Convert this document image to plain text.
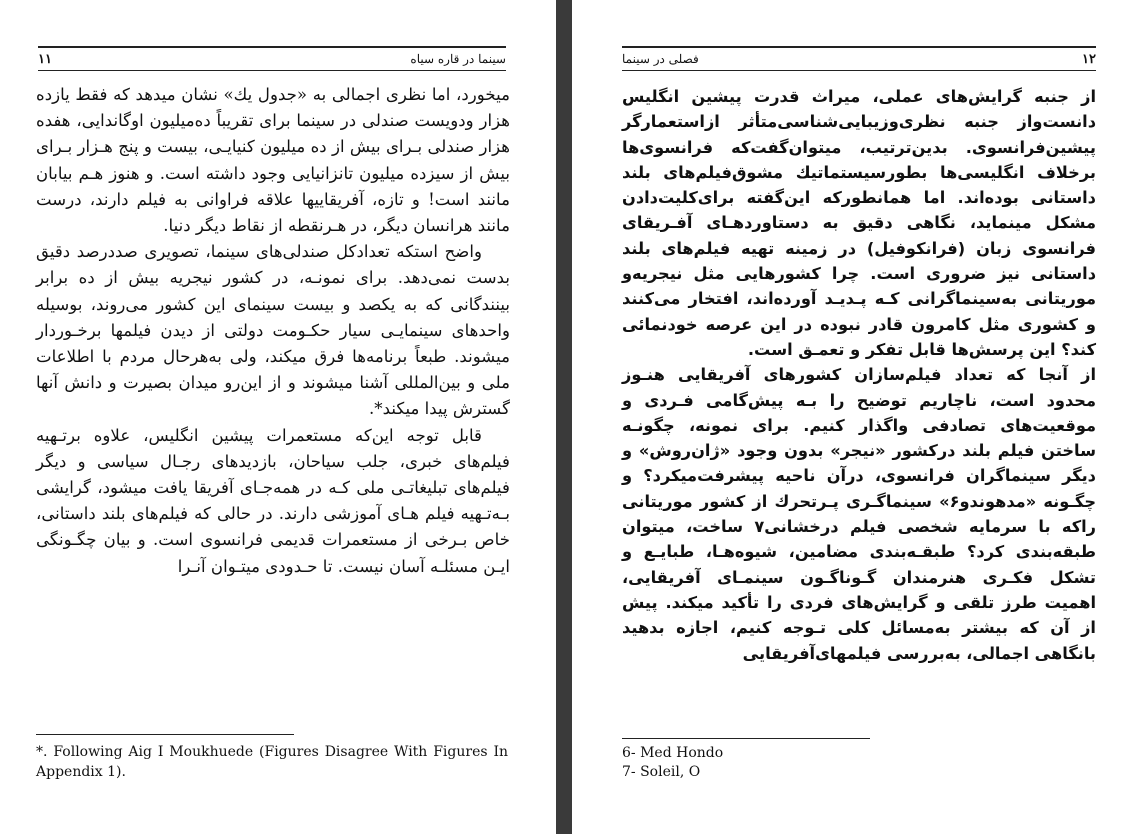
۱۱	سینما در قاره سیاه

میخورد، اما نظری اجمالی به «جدول یك» نشان میدهد که فقط یازده هزار ودویست صندلی در سینما برای تقریباً ده‌میلیون اوگاندایی، هفده هزار صندلی بـرای بیش از ده میلیون کنیایـی، بیست و پنج هـزار بـرای بیش از سیزده میلیون تانزانیایی وجود داشته است. و هنوز هـم بیابان مانند است! و تازه، آفریقاییها علاقه فراوانی به فیلم دارند، درست مانند هرانسان دیگر، در هـرنقطه از نقاط دیگر دنیا.

واضح استکه تعدادکل صندلی‌های سینما، تصویری صددرصد دقیق بدست نمی‌دهد. برای نمونـه، در کشور نیجریه بیش از ده برابر بینندگانی که به یکصد و بیست سینمای این کشور می‌روند، بوسیله واحدهای سینمایـی سیار حکـومت دولتی از دیدن فیلمها برخـوردار میشوند. طبعاً برنامه‌ها فرق میکند، ولی به‌هرحال مردم با اطلاعات ملی و بین‌المللی آشنا میشوند و از این‌رو میدان بصیرت و دانش آنها گسترش پیدا میکند*.

قابل توجه این‌که مستعمرات پیشین انگلیس، علاوه برتـهیه فیلم‌های خبری، جلب سیاحان، بازدیدهای رجـال سیاسی و دیگر فیلم‌های تبلیغاتـی ملی کـه در همه‌جـای آفریقا یافت میشود، گرایشی بـه‌تـهیه فیلم هـای آموزشی دارند. در حالی که فیلم‌های بلند داستانی، خاص بـرخی از مستعمرات قدیمی فرانسوی است. و بیان چگـونگی ایـن مسئلـه آسان نیست. تا حـدودی میتـوان آنـرا

*. Following Aig I Moukhuede (Figures Disagree With Figures In Appendix 1).
فصلی در سینما	۱۲

از جنبه گرایش‌های عملی، میراث قدرت پیشین انگلیس دانست‌واز جنبه نظری‌وزیبایی‌شناسی‌متأثر ازاستعمارگر پیشین‌فرانسوی. بدین‌ترتیب، میتوان‌گفت‌که فرانسوی‌ها برخلاف انگلیسی‌ها بطورسیستماتیك مشوق‌فیلم‌های بلند داستانی بوده‌اند. اما همانطورکه این‌گفته برای‌کلیت‌دادن مشکل مینماید، نگاهی دقیق به دستاوردهـای آفـریقای فرانسوی زبان (فرانکوفیل) در زمینه تهیه فیلم‌های بلند داستانی نیز ضروری است. چرا کشورهایی مثل نیجریه‌و موریتانی به‌سینماگرانی کـه پـدیـد آورده‌اند، افتخار می‌کنند و کشوری مثل کامرون قادر نبوده در این عرصه خودنمائی کند؟ این پرسش‌ها قابل تفکر و تعمـق است.

از آنجا که تعداد فیلم‌سازان کشورهای آفریقایی هنـوز محدود است، ناچاریم توضیح را بـه پیش‌گامی فـردی و موقعیت‌های تصادفی واگذار کنیم. برای نمونه، چگونـه ساختن فیلم بلند درکشور «نیجر» بدون وجود «ژان‌روش» و دیگر سینماگران فرانسوی، درآن ناحیه پیشرفت‌میکرد؟ و چگـونه «مدهوندو۶» سینماگـری پـرتحرك از کشور موریتانی راکه با سرمایه شخصی فیلم درخشانی۷ ساخت، میتوان طبقه‌بندی کرد؟ طبقـه‌بندی مضامین، شیوه‌هـا، طبایـع و تشکل فکـری هنرمندان گـوناگـون سینمـای آفریقایی، اهمیت طرز تلقی و گرایش‌های فردی را تأکید میکند. پیش از آن که بیشتر به‌مسائل کلی تـوجه کنیم، اجازه بدهید بانگاهی اجمالی، به‌بررسی فیلمهای‌آفریقایی

6- Med Hondo
7- Soleil, O
